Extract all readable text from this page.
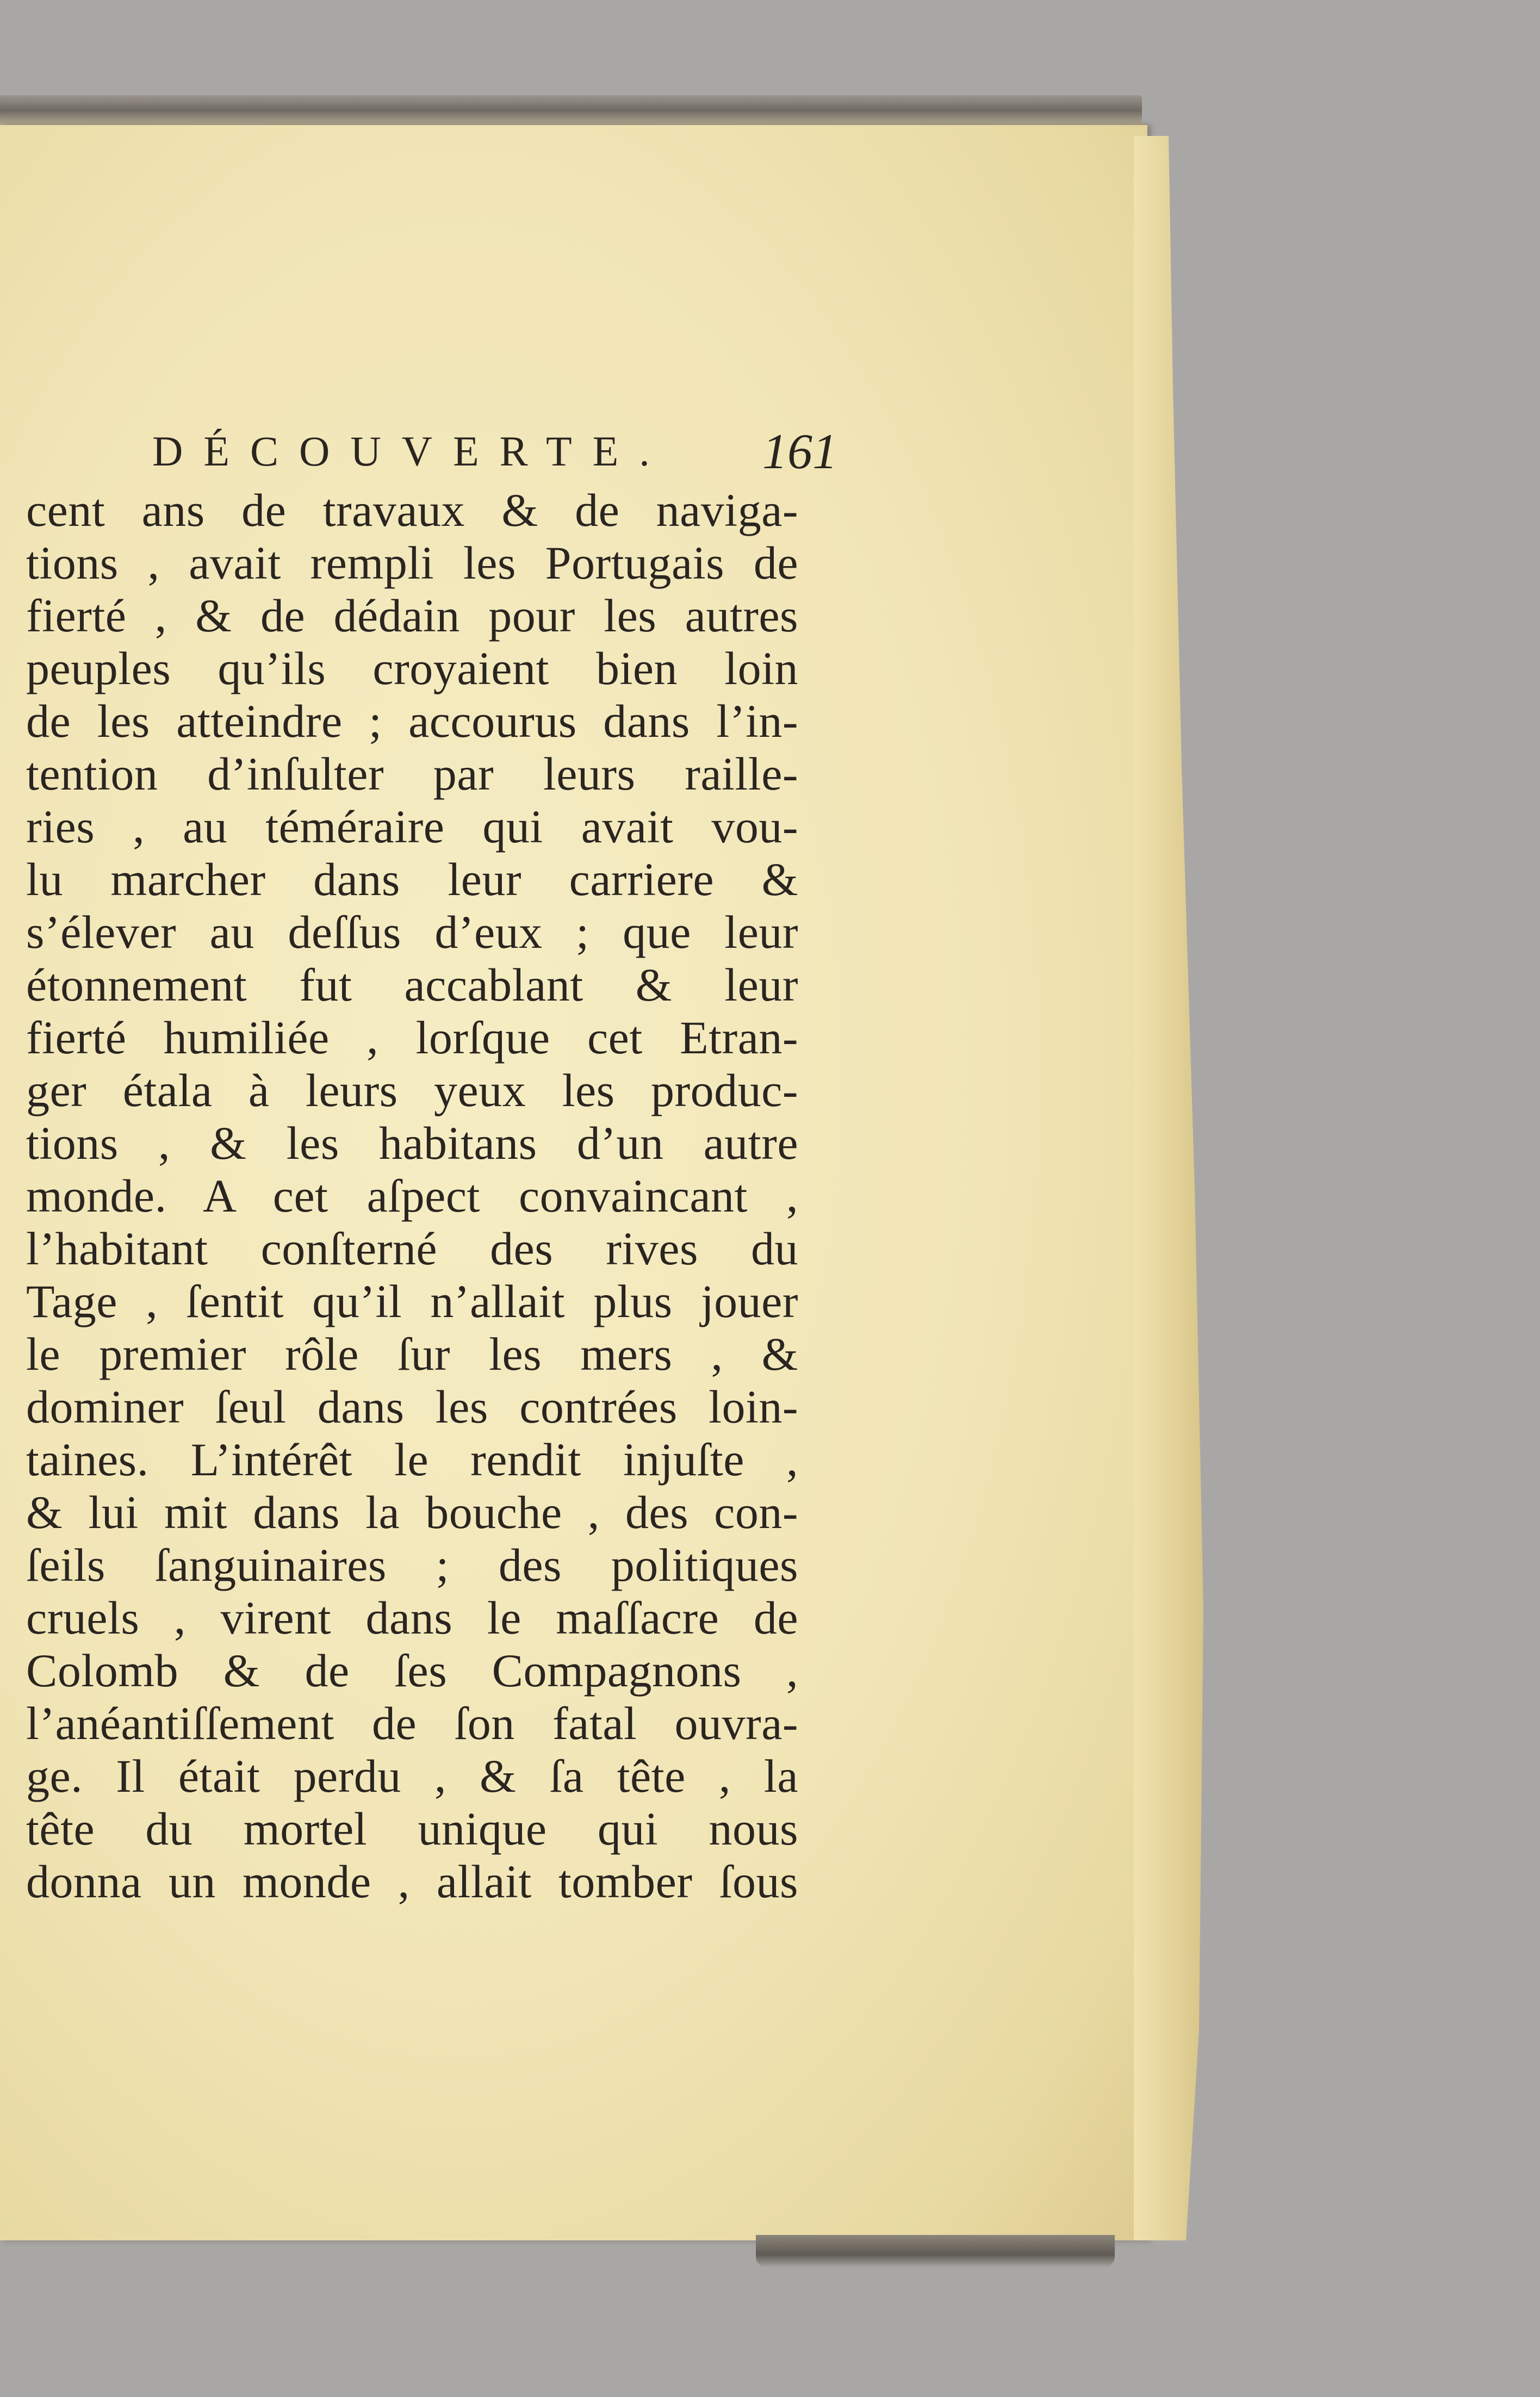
DÉCOUVERTE. 161
cent ans de travaux & de naviga-
tions , avait rempli les Portugais de
fierté , & de dédain pour les autres
peuples qu’ils croyaient bien loin
de les atteindre ; accourus dans l’in-
tention d’inſulter par leurs raille-
ries , au téméraire qui avait vou-
lu marcher dans leur carriere &
s’élever au deſſus d’eux ; que leur
étonnement fut accablant & leur
fierté humiliée , lorſque cet Etran-
ger étala à leurs yeux les produc-
tions , & les habitans d’un autre
monde. A cet aſpect convaincant ,
l’habitant conſterné des rives du
Tage , ſentit qu’il n’allait plus jouer
le premier rôle ſur les mers , &
dominer ſeul dans les contrées loin-
taines. L’intérêt le rendit injuſte ,
& lui mit dans la bouche , des con-
ſeils ſanguinaires ; des politiques
cruels , virent dans le maſſacre de
Colomb & de ſes Compagnons ,
l’anéantiſſement de ſon fatal ouvra-
ge. Il était perdu , & ſa tête , la
tête du mortel unique qui nous
donna un monde , allait tomber ſous
